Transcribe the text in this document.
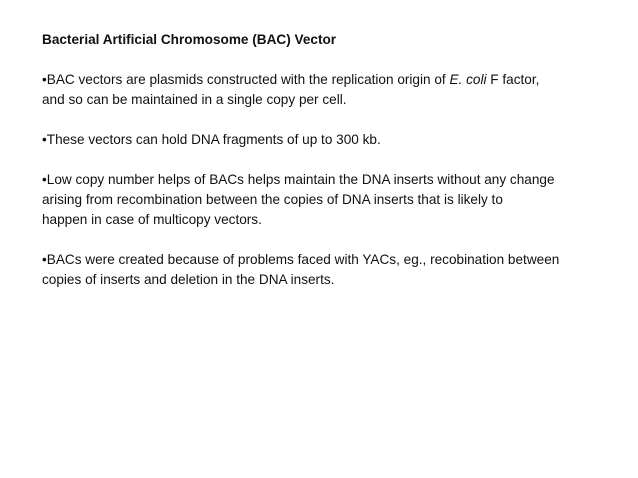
Bacterial Artificial Chromosome (BAC) Vector
•BAC vectors are plasmids constructed with the replication origin of E. coli F factor,
and so can be maintained in a single copy per cell.
•These vectors can hold DNA fragments of up to 300 kb.
•Low copy number helps of BACs helps maintain the DNA inserts without any change
arising from recombination between the copies of DNA inserts that is likely to
happen in case of multicopy vectors.
•BACs were created because of problems faced with YACs, eg., recobination between
copies of inserts and deletion in the DNA inserts.
